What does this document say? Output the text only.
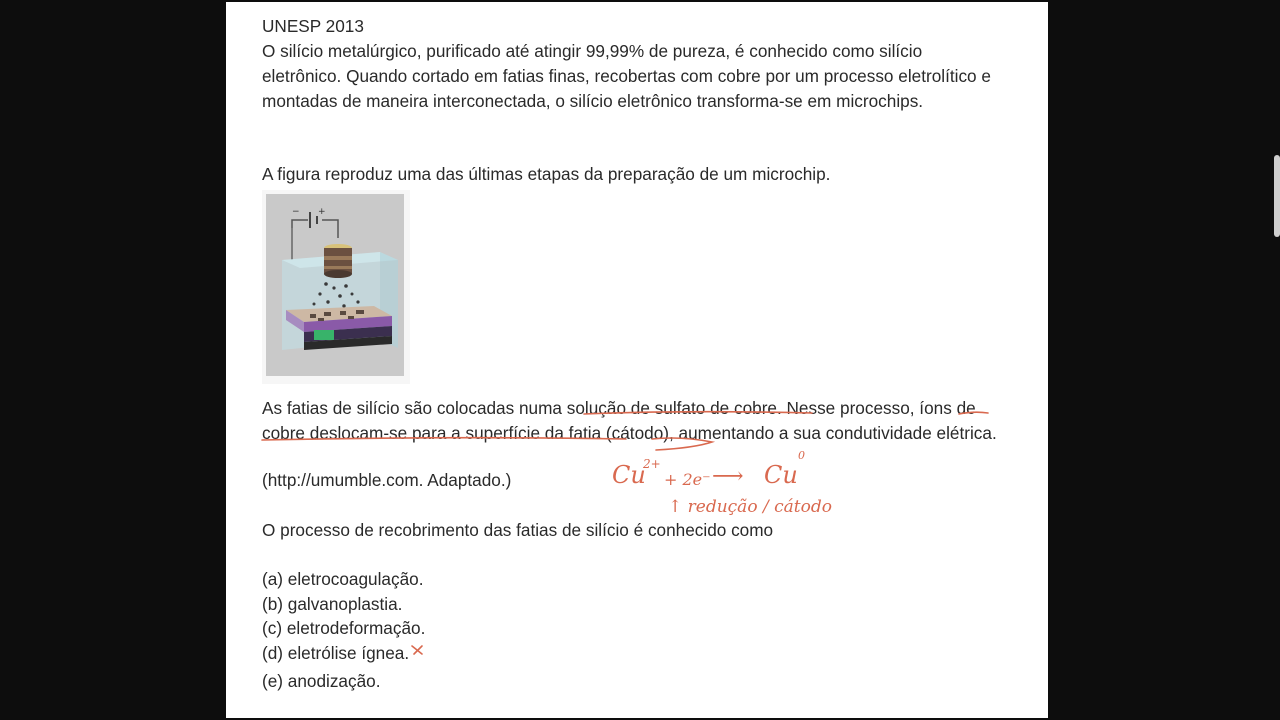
UNESP 2013
O silício metalúrgico, purificado até atingir 99,99% de pureza, é conhecido como silício eletrônico. Quando cortado em fatias finas, recobertas com cobre por um processo eletrolítico e montadas de maneira interconectada, o silício eletrônico transforma-se em microchips.
A figura reproduz uma das últimas etapas da preparação de um microchip.
− +
As fatias de silício são colocadas numa solução de sulfato de cobre. Nesse processo, íons de cobre deslocam-se para a superfície da fatia (cátodo), aumentando a sua condutividade elétrica.
(http://umumble.com. Adaptado.)
O processo de recobrimento das fatias de silício é conhecido como
(a) eletrocoagulação.
(b) galvanoplastia.
(c) eletrodeformação.
(d) eletrólise ígnea.
(e) anodização.
Cu
2+
+ 2e⁻ ⟶ Cu
0
↑ redução / cátodo
